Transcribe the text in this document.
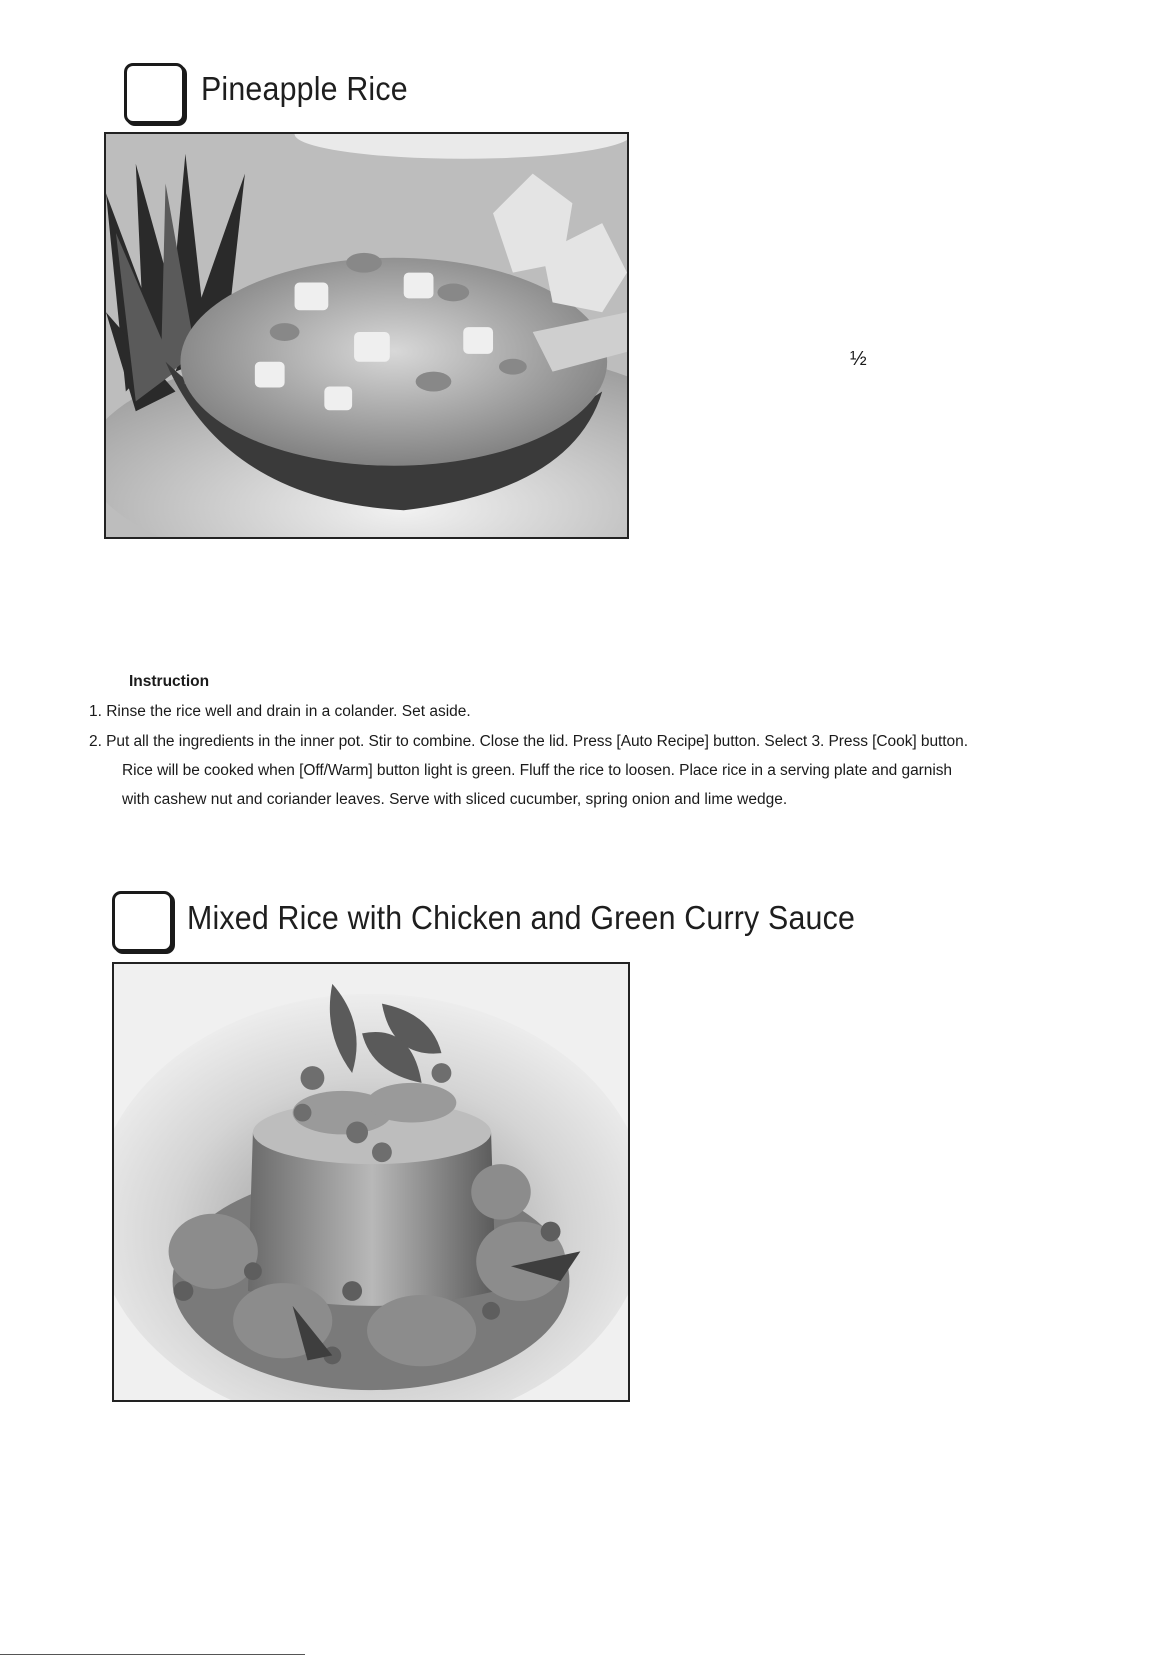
Pineapple Rice
½
Instruction
1. Rinse the rice well and drain in a colander. Set aside.
2. Put all the ingredients in the inner pot. Stir to combine. Close the lid. Press [Auto Recipe] button. Select 3. Press [Cook] button.
Rice will be cooked when [Off/Warm] button light is green. Fluff the rice to loosen. Place rice in a serving plate and garnish
with cashew nut and coriander leaves. Serve with sliced cucumber, spring onion and lime wedge.
Mixed Rice with Chicken and Green Curry Sauce
